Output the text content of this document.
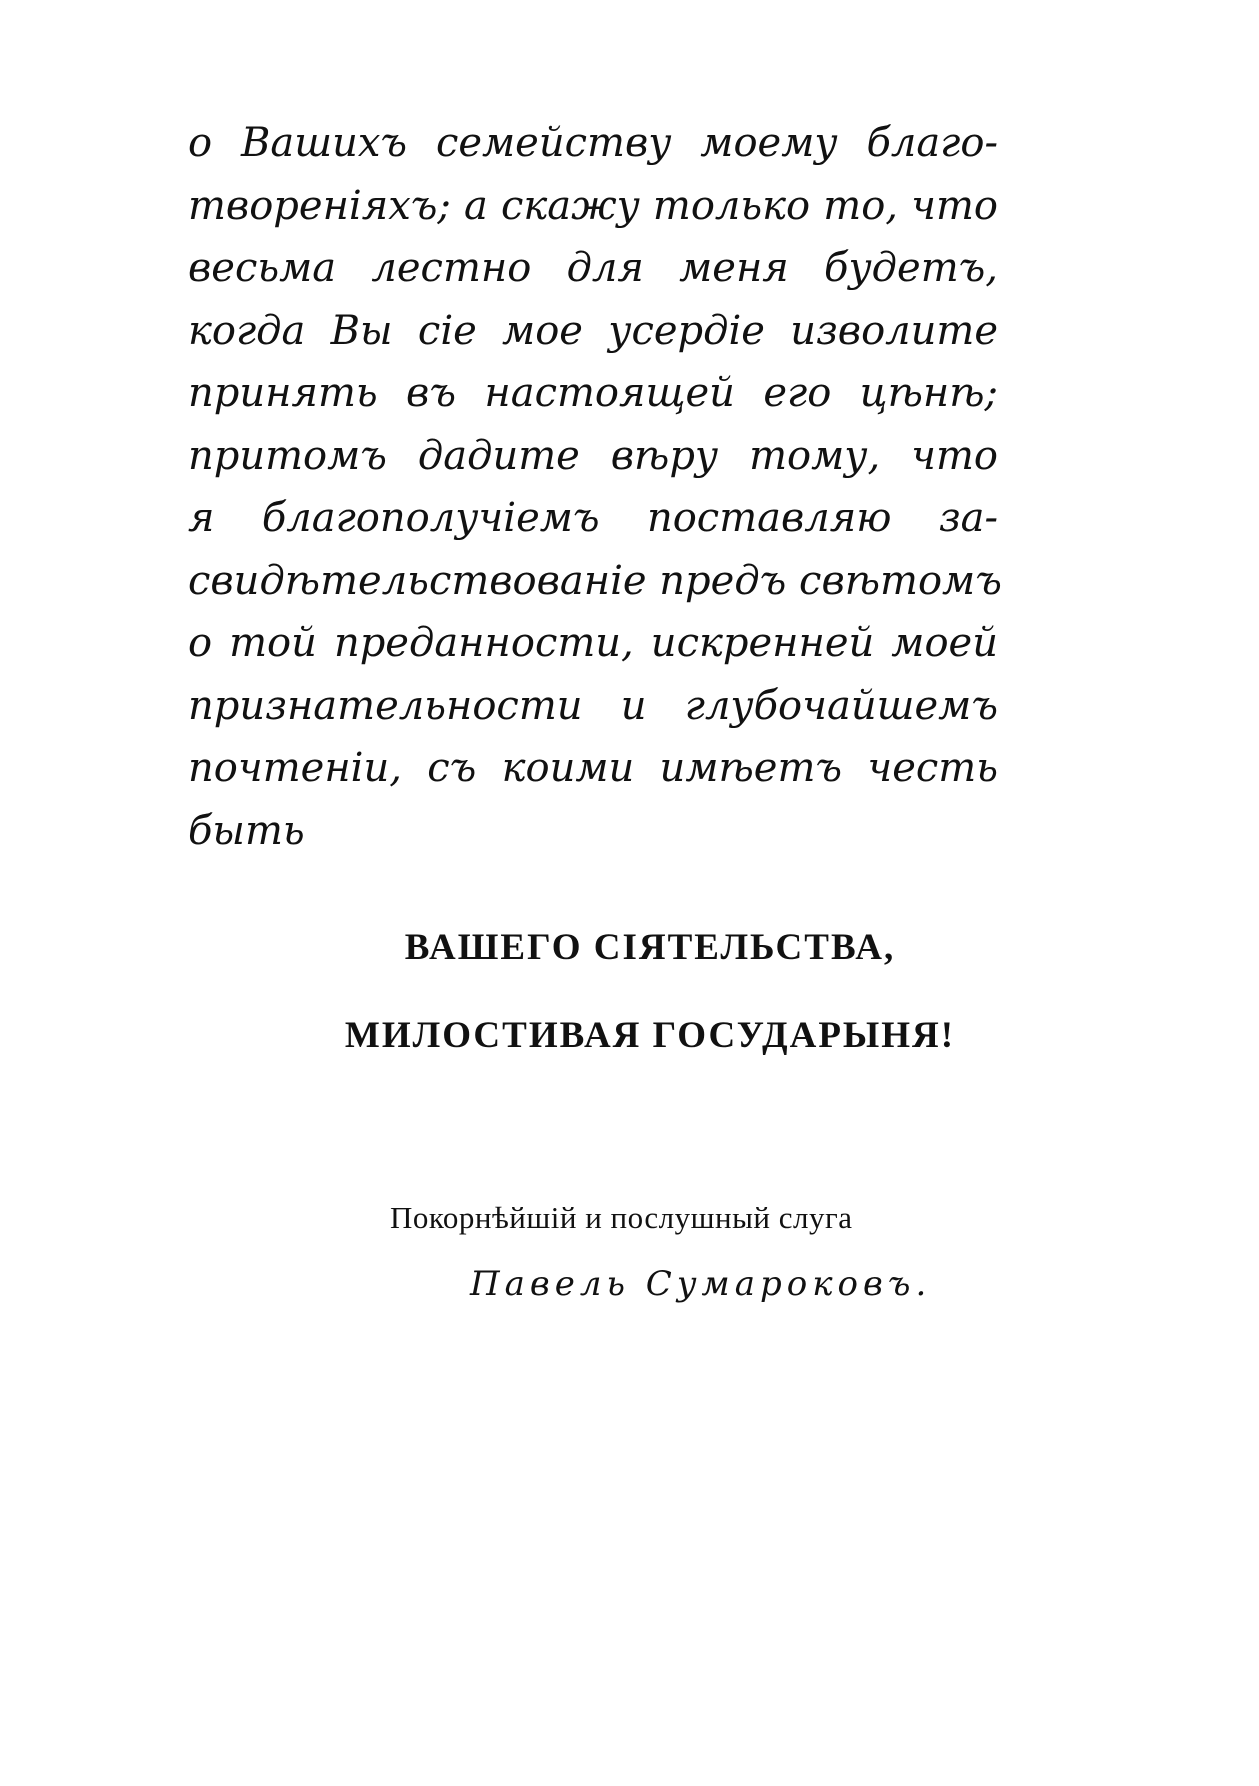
о Вашихъ семейству моему благо-
твореніяхъ; а скажу только то, что
весьма лестно для меня будетъ,
когда Вы сіе мое усердіе изволите
принять въ настоящей его цѣнѣ;
притомъ дадите вѣру тому, что
я благополучіемъ поставляю за-
свидѣтельствованіе предъ свѣтомъ
о той преданности, искренней моей
признательности и глубочайшемъ
почтеніи, съ коими имѣетъ честь
быть

ВАШЕГО СІЯТЕЛЬСТВА,

МИЛОСТИВАЯ ГОСУДАРЫНЯ!

Покорнѣйшій и послушный слуга

Павель Сумароковъ.
